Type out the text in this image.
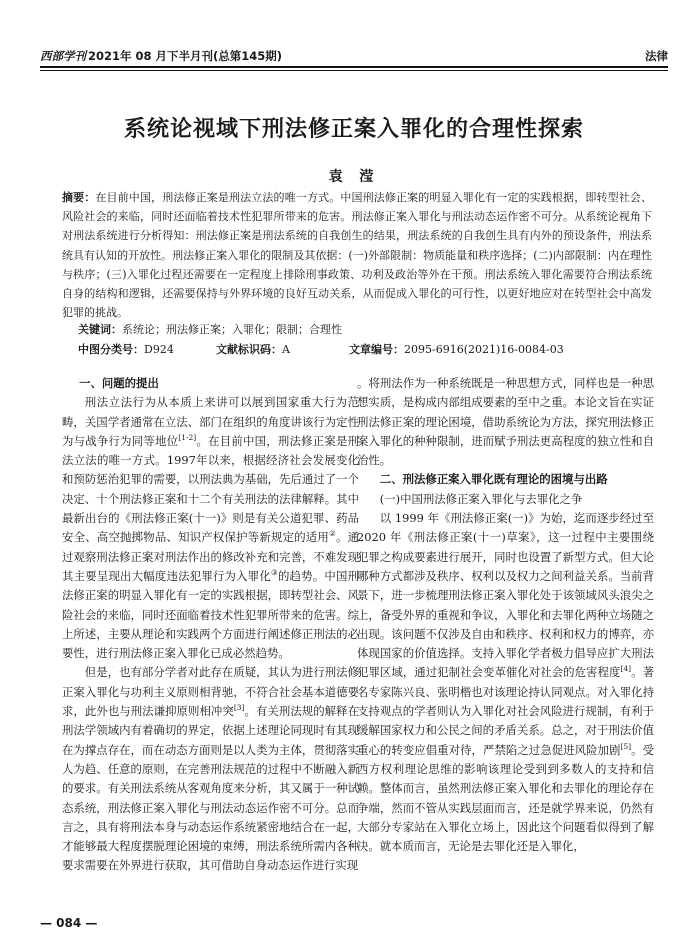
西部学刊 2021年 08 月下半月刊(总第145期)	法律
系统论视域下刑法修正案入罪化的合理性探索
袁 滢
摘要：在目前中国，刑法修正案是刑法立法的唯一方式。中国刑法修正案的明显入罪化有一定的实践根据，即转型社会、风险社会的来临，同时还面临着技术性犯罪所带来的危害。刑法修正案入罪化与刑法动态运作密不可分。从系统论视角下对刑法系统进行分析得知：刑法修正案是刑法系统的自我创生的结果，刑法系统的自我创生具有内外的预设条件，刑法系统具有认知的开放性。刑法修正案入罪化的限制及其依据：(一)外部限制：物质能量和秩序选择；(二)内部限制：内在理性与秩序；(三)入罪化过程还需要在一定程度上排除刑事政策、功利及政治等外在干预。刑法系统入罪化需要符合刑法系统自身的结构和逻辑，还需要保持与外界环境的良好互动关系，从而促成入罪化的可行性，以更好地应对在转型社会中高发犯罪的挑战。
关键词：系统论；刑法修正案；入罪化；限制；合理性
中图分类号：D924	文献标识码：A	文章编号：2095-6916(2021)16-0084-03
一、问题的提出

刑法立法行为从本质上来讲可以展到国家重大行为范畴，关国学者通常在立法、部门在组织的角度讲该行为定性为与战争行为同等地位[1-2]。在目前中国，刑法修正案是刑法立法的唯一方式。1997年以来，根据经济社会发展变化和预防惩治犯罪的需要，以刑法典为基础，先后通过了一个决定、十个刑法修正案和十二个有关刑法的法律解释。其中最新出台的《刑法修正案(十一)》则是有关公道犯罪、药品安全、高空抛掷物品、知识产权保护等新规定的适用②。通过观察刑法修正案对刑法作出的修改补充和完善，不难发现其主要呈现出大幅度违法犯罪行为入罪化③的趋势。中国刑法修正案的明显入罪化有一定的实践根据，即转型社会、风险社会的来临，同时还面临着技术性犯罪所带来的危害。综上所述，主要从理论和实践两个方面进行阐述修正刑法的必要性，进行刑法修正案入罪化已成必然趋势。

但是，也有部分学者对此存在质疑，其认为进行刑法修正案入罪化与功利主义原则相背驰，不符合社会基本道德要求，此外也与刑法谦抑原则相冲突[3]。有关刑法规的解释在刑法学领域内有着确切的界定，依据上述理论同现时有其现在为撑点存在，而在动态方面则是以人类为主体，贯彻落实人为趋、任意的原则，在完善刑法规范的过程中不断融入新的要求。有关刑法系统从客观角度来分析，其又属于一种试态系统，刑法修正案入罪化与刑法动态运作密不可分。总而言之，具有将刑法本身与动态运作系统紧密地结合在一起，才能够最大程度摆脱理论困境的束缚，刑法系统所需内各种要求需要在外界进行获取，其可借助自身动态运作进行实现

。将刑法作为一种系统既是一种思想方式，同样也是一种思想实质，是构成内部组成要素的至中之重。本论文旨在实证刑法修正案的理论困境，借助系统论为方法，探究刑法修正案入罪化的种种限制，进而赋予刑法更高程度的独立性和自治性。

二、刑法修正案入罪化既有理论的困境与出路
(一)中国刑法修正案入罪化与去罪化之争

以 1999 年《刑法修正案(一)》为始，迄而逐步经过至 2020 年《刑法修正案(十一)草案》，这一过程中主要围绕犯罪之构成要素进行展开，同时也设置了新型方式。但大论哪种方式都涉及秩序、权利以及权力之间利益关系。当前背景下，进一步梳理刑法修正案入罪化处于该领域风头浪尖之上，备受外界的重视和争议，入罪化和去罪化两种立场随之出现。该问题不仅涉及自由和秩序、权利和权力的博弈，亦体现国家的价值选择。支持入罪化学者极力倡导应扩大刑法犯罪区域，通过犯制社会变革催化对社会的危害程度[4]。著名专家陈兴良、张明楷也对该理论持认同观点。对入罪化持支持观点的学者则认为入罪化对社会风险进行规制，有利于缓解国家权力和公民之间的矛盾关系。总之，对于刑法价值重心的转变应倡重对待，严禁陷之过急促进风险加剧[5]。受西方权利理论思维的影响该理论受到到多数人的支持和信赖。整体而言，虽然刑法修正案入罪化和去罪化的理论存在争端，然而不管从实践层面而言，还是就学界来说，仍然有大部分专家站在入罪化立场上，因此这个问题看似得到了解决。就本质而言，无论是去罪化还是入罪化，

— 084 —
